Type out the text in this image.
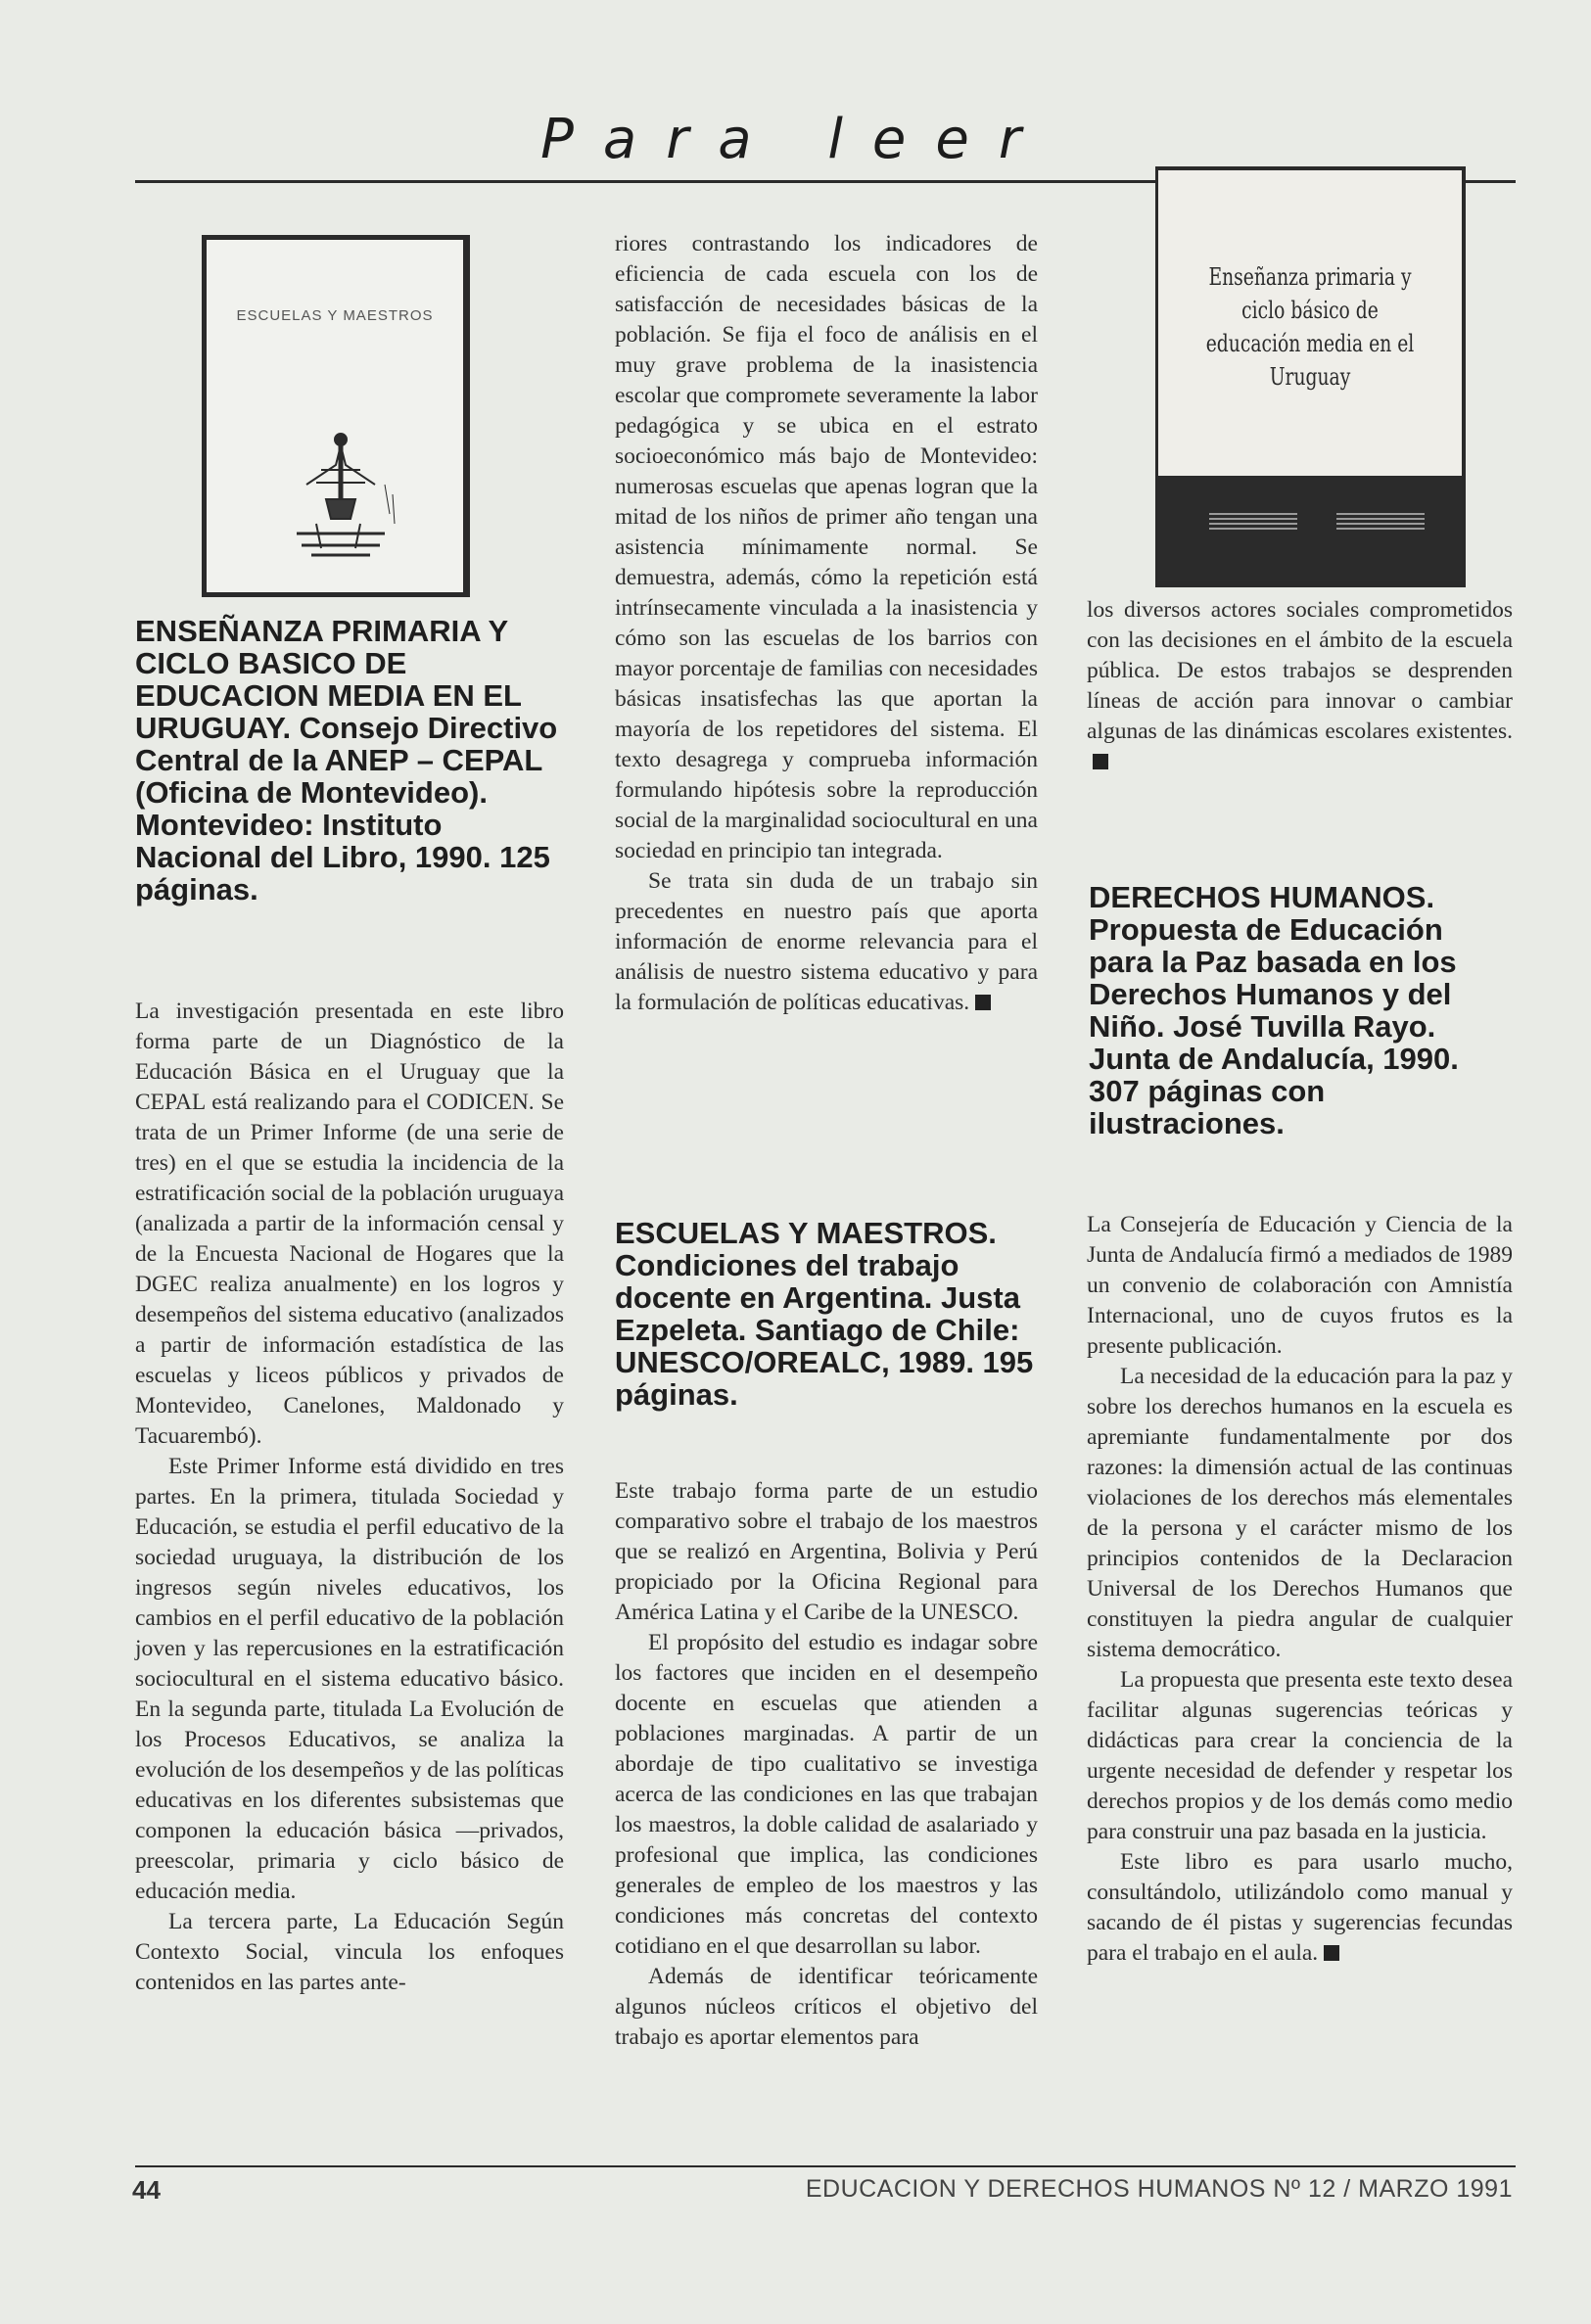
Para leer
ESCUELAS Y MAESTROS
Enseñanza primaria y ciclo básico de educación media en el Uruguay
ENSEÑANZA PRIMARIA Y CICLO BASICO DE EDUCACION MEDIA EN EL URUGUAY. Consejo Directivo Central de la ANEP – CEPAL (Oficina de Montevideo). Montevideo: Instituto Nacional del Libro, 1990. 125 páginas.

La investigación presentada en este libro forma parte de un Diagnóstico de la Educación Básica en el Uruguay que la CEPAL está realizando para el CODICEN. Se trata de un Primer Informe (de una serie de tres) en el que se estudia la incidencia de la estratificación social de la población uruguaya (analizada a partir de la información censal y de la Encuesta Nacional de Hogares que la DGEC realiza anualmente) en los logros y desempeños del sistema educativo (analizados a partir de información estadística de las escuelas y liceos públicos y privados de Montevideo, Canelones, Maldonado y Tacuarembó).

Este Primer Informe está dividido en tres partes. En la primera, titulada Sociedad y Educación, se estudia el perfil educativo de la sociedad uruguaya, la distribución de los ingresos según niveles educativos, los cambios en el perfil educativo de la población joven y las repercusiones en la estratificación sociocultural en el sistema educativo básico. En la segunda parte, titulada La Evolución de los Procesos Educativos, se analiza la evolución de los desempeños y de las políticas educativas en los diferentes subsistemas que componen la educación básica —privados, preescolar, primaria y ciclo básico de educación media.

La tercera parte, La Educación Según Contexto Social, vincula los enfoques contenidos en las partes ante-

riores contrastando los indicadores de eficiencia de cada escuela con los de satisfacción de necesidades básicas de la población. Se fija el foco de análisis en el muy grave problema de la inasistencia escolar que compromete severamente la labor pedagógica y se ubica en el estrato socioeconómico más bajo de Montevideo: numerosas escuelas que apenas logran que la mitad de los niños de primer año tengan una asistencia mínimamente normal. Se demuestra, además, cómo la repetición está intrínsecamente vinculada a la inasistencia y cómo son las escuelas de los barrios con mayor porcentaje de familias con necesidades básicas insatisfechas las que aportan la mayoría de los repetidores del sistema. El texto desagrega y comprueba información formulando hipótesis sobre la reproducción social de la marginalidad sociocultural en una sociedad en principio tan integrada.

Se trata sin duda de un trabajo sin precedentes en nuestro país que aporta información de enorme relevancia para el análisis de nuestro sistema educativo y para la formulación de políticas educativas.

ESCUELAS Y MAESTROS. Condiciones del trabajo docente en Argentina. Justa Ezpeleta. Santiago de Chile: UNESCO/OREALC, 1989. 195 páginas.

Este trabajo forma parte de un estudio comparativo sobre el trabajo de los maestros que se realizó en Argentina, Bolivia y Perú propiciado por la Oficina Regional para América Latina y el Caribe de la UNESCO.

El propósito del estudio es indagar sobre los factores que inciden en el desempeño docente en escuelas que atienden a poblaciones marginadas. A partir de un abordaje de tipo cualitativo se investiga acerca de las condiciones en las que trabajan los maestros, la doble calidad de asalariado y profesional que implica, las condiciones generales de empleo de los maestros y las condiciones más concretas del contexto cotidiano en el que desarrollan su labor.

Además de identificar teóricamente algunos núcleos críticos el objetivo del trabajo es aportar elementos para

los diversos actores sociales comprometidos con las decisiones en el ámbito de la escuela pública. De estos trabajos se desprenden líneas de acción para innovar o cambiar algunas de las dinámicas escolares existentes.

DERECHOS HUMANOS. Propuesta de Educación para la Paz basada en los Derechos Humanos y del Niño. José Tuvilla Rayo. Junta de Andalucía, 1990. 307 páginas con ilustraciones.

La Consejería de Educación y Ciencia de la Junta de Andalucía firmó a mediados de 1989 un convenio de colaboración con Amnistía Internacional, uno de cuyos frutos es la presente publicación.

La necesidad de la educación para la paz y sobre los derechos humanos en la escuela es apremiante fundamentalmente por dos razones: la dimensión actual de las continuas violaciones de los derechos más elementales de la persona y el carácter mismo de los principios contenidos de la Declaracion Universal de los Derechos Humanos que constituyen la piedra angular de cualquier sistema democrático.

La propuesta que presenta este texto desea facilitar algunas sugerencias teóricas y didácticas para crear la conciencia de la urgente necesidad de defender y respetar los derechos propios y de los demás como medio para construir una paz basada en la justicia.

Este libro es para usarlo mucho, consultándolo, utilizándolo como manual y sacando de él pistas y sugerencias fecundas para el trabajo en el aula.

44	EDUCACION Y DERECHOS HUMANOS Nº 12 / MARZO 1991
